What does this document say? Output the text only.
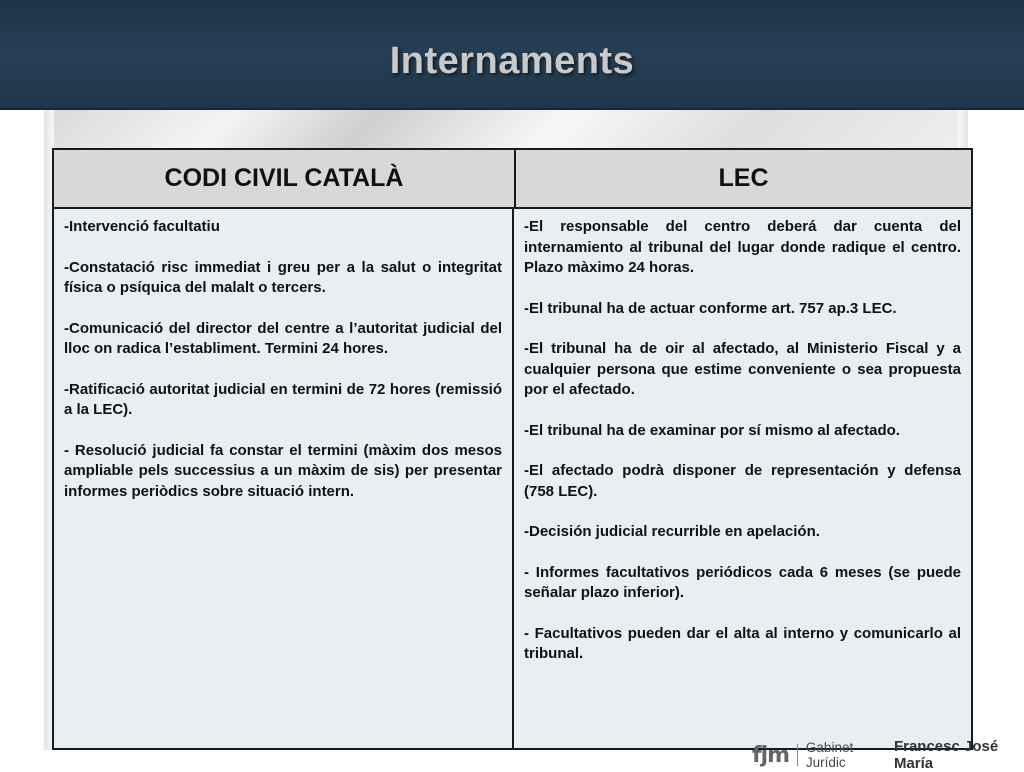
Internaments
CODI CIVIL CATALÀ	LEC

-Intervenció facultatiu

-Constatació risc immediat i greu per a la salut o integritat física o psíquica del malalt o tercers.

-Comunicació del director del centre a l’autoritat judicial del lloc on radica l’establiment. Termini 24 hores.

-Ratificació autoritat judicial en termini de 72 hores (remissió a la LEC).

- Resolució judicial fa constar el termini (màxim dos mesos ampliable pels successius a un màxim de sis) per presentar informes periòdics sobre situació intern.

-El responsable del centro deberá dar cuenta del internamiento al tribunal del lugar donde radique el centro. Plazo màximo 24 horas.

-El tribunal ha de actuar conforme art. 757 ap.3 LEC.

-El tribunal ha de oir al afectado, al Ministerio Fiscal y a cualquier persona que estime conveniente o sea propuesta por el afectado.

-El tribunal ha de examinar por sí mismo al afectado.

-El afectado podrà disponer de representación y defensa (758 LEC).

-Decisión judicial recurrible en apelación.

- Informes facultativos periódicos cada 6 meses (se puede señalar plazo inferior).

- Facultativos pueden dar el alta al interno y comunicarlo al tribunal.

fjm Gabinet Jurídic
Francesc José María
